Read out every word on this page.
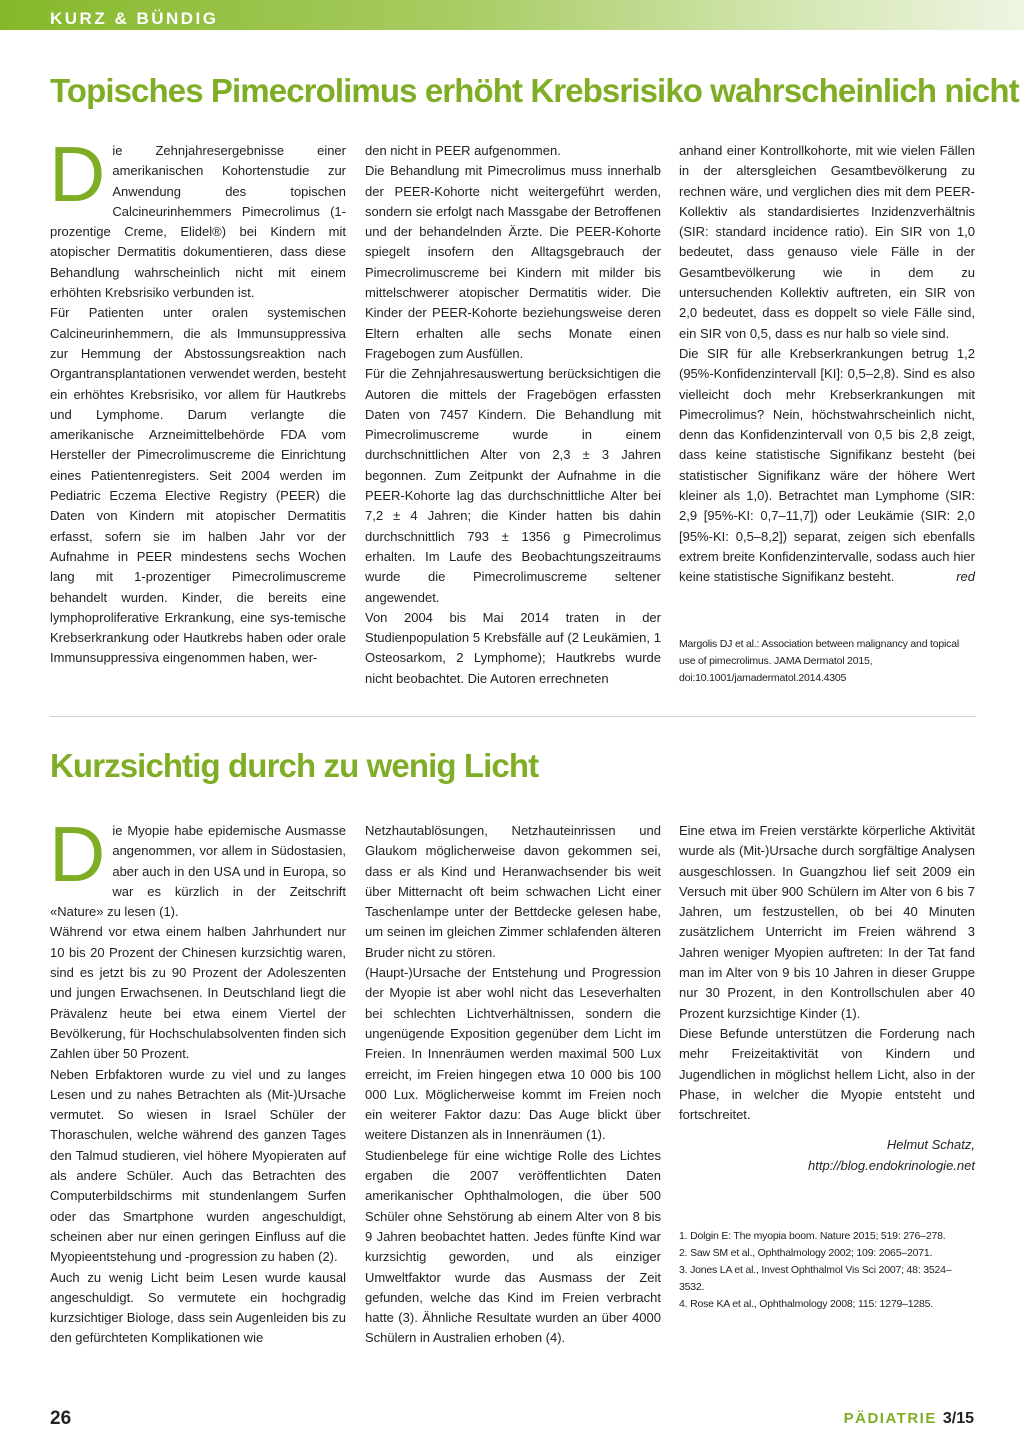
KURZ & BÜNDIG
Topisches Pimecrolimus erhöht Krebsrisiko wahrscheinlich nicht
D ie Zehnjahresergebnisse einer amerikanischen Kohortenstudie zur Anwendung des topischen Calcineurinhemmers Pimecrolimus (1-prozentige Creme, Elidel®) bei Kindern mit atopischer Dermatitis dokumentieren, dass diese Behandlung wahrscheinlich nicht mit einem erhöhten Krebsrisiko verbunden ist.

Für Patienten unter oralen systemischen Calcineurinhemmern, die als Immunsuppressiva zur Hemmung der Abstossungsreaktion nach Organtransplantationen verwendet werden, besteht ein erhöhtes Krebsrisiko, vor allem für Hautkrebs und Lymphome. Darum verlangte die amerikanische Arzneimittelbehörde FDA vom Hersteller der Pimecrolimuscreme die Einrichtung eines Patientenregisters. Seit 2004 werden im Pediatric Eczema Elective Registry (PEER) die Daten von Kindern mit atopischer Dermatitis erfasst, sofern sie im halben Jahr vor der Aufnahme in PEER mindestens sechs Wochen lang mit 1-prozentiger Pimecrolimuscreme behandelt wurden. Kinder, die bereits eine lymphoproliferative Erkrankung, eine sys-temische Krebserkrankung oder Hautkrebs haben oder orale Immunsuppressiva eingenommen haben, wer-

den nicht in PEER aufgenommen.

Die Behandlung mit Pimecrolimus muss innerhalb der PEER-Kohorte nicht weitergeführt werden, sondern sie erfolgt nach Massgabe der Betroffenen und der behandelnden Ärzte. Die PEER-Kohorte spiegelt insofern den Alltagsgebrauch der Pimecrolimuscreme bei Kindern mit milder bis mittelschwerer atopischer Dermatitis wider. Die Kinder der PEER-Kohorte beziehungsweise deren Eltern erhalten alle sechs Monate einen Fragebogen zum Ausfüllen.

Für die Zehnjahresauswertung berücksichtigen die Autoren die mittels der Fragebögen erfassten Daten von 7457 Kindern. Die Behandlung mit Pimecrolimuscreme wurde in einem durchschnittlichen Alter von 2,3 ± 3 Jahren begonnen. Zum Zeitpunkt der Aufnahme in die PEER-Kohorte lag das durchschnittliche Alter bei 7,2 ± 4 Jahren; die Kinder hatten bis dahin durchschnittlich 793 ± 1356 g Pimecrolimus erhalten. Im Laufe des Beobachtungszeitraums wurde die Pimecrolimuscreme seltener angewendet.

Von 2004 bis Mai 2014 traten in der Studienpopulation 5 Krebsfälle auf (2 Leukämien, 1 Osteosarkom, 2 Lymphome); Hautkrebs wurde nicht beobachtet. Die Autoren errechneten

anhand einer Kontrollkohorte, mit wie vielen Fällen in der altersgleichen Gesamtbevölkerung zu rechnen wäre, und verglichen dies mit dem PEER-Kollektiv als standardisiertes Inzidenzverhältnis (SIR: standard incidence ratio). Ein SIR von 1,0 bedeutet, dass genauso viele Fälle in der Gesamtbevölkerung wie in dem zu untersuchenden Kollektiv auftreten, ein SIR von 2,0 bedeutet, dass es doppelt so viele Fälle sind, ein SIR von 0,5, dass es nur halb so viele sind.

Die SIR für alle Krebserkrankungen betrug 1,2 (95%-Konfidenzintervall [KI]: 0,5–2,8). Sind es also vielleicht doch mehr Krebserkrankungen mit Pimecrolimus? Nein, höchstwahrscheinlich nicht, denn das Konfidenzintervall von 0,5 bis 2,8 zeigt, dass keine statistische Signifikanz besteht (bei statistischer Signifikanz wäre der höhere Wert kleiner als 1,0). Betrachtet man Lymphome (SIR: 2,9 [95%-KI: 0,7–11,7]) oder Leukämie (SIR: 2,0 [95%-KI: 0,5–8,2]) separat, zeigen sich ebenfalls extrem breite Konfidenzintervalle, sodass auch hier keine statistische Signifikanz besteht.	red

Margolis DJ et al.: Association between malignancy and topical use of pimecrolimus. JAMA Dermatol 2015, doi:10.1001/jamadermatol.2014.4305
Kurzsichtig durch zu wenig Licht
D ie Myopie habe epidemische Ausmasse angenommen, vor allem in Südostasien, aber auch in den USA und in Europa, so war es kürzlich in der Zeitschrift «Nature» zu lesen (1).

Während vor etwa einem halben Jahrhundert nur 10 bis 20 Prozent der Chinesen kurzsichtig waren, sind es jetzt bis zu 90 Prozent der Adoleszenten und jungen Erwachsenen. In Deutschland liegt die Prävalenz heute bei etwa einem Viertel der Bevölkerung, für Hochschulabsolventen finden sich Zahlen über 50 Prozent.

Neben Erbfaktoren wurde zu viel und zu langes Lesen und zu nahes Betrachten als (Mit-)Ursache vermutet. So wiesen in Israel Schüler der Thoraschulen, welche während des ganzen Tages den Talmud studieren, viel höhere Myopieraten auf als andere Schüler. Auch das Betrachten des Computerbildschirms mit stundenlangem Surfen oder das Smartphone wurden angeschuldigt, scheinen aber nur einen geringen Einfluss auf die Myopieentstehung und -progression zu haben (2).

Auch zu wenig Licht beim Lesen wurde kausal angeschuldigt. So vermutete ein hochgradig kurzsichtiger Biologe, dass sein Augenleiden bis zu den gefürchteten Komplikationen wie

Netzhautablösungen, Netzhauteinrissen und Glaukom möglicherweise davon gekommen sei, dass er als Kind und Heranwachsender bis weit über Mitternacht oft beim schwachen Licht einer Taschenlampe unter der Bettdecke gelesen habe, um seinen im gleichen Zimmer schlafenden älteren Bruder nicht zu stören.

(Haupt-)Ursache der Entstehung und Progression der Myopie ist aber wohl nicht das Leseverhalten bei schlechten Lichtverhältnissen, sondern die ungenügende Exposition gegenüber dem Licht im Freien. In Innenräumen werden maximal 500 Lux erreicht, im Freien hingegen etwa 10 000 bis 100 000 Lux. Möglicherweise kommt im Freien noch ein weiterer Faktor dazu: Das Auge blickt über weitere Distanzen als in Innenräumen (1).

Studienbelege für eine wichtige Rolle des Lichtes ergaben die 2007 veröffentlichten Daten amerikanischer Ophthalmologen, die über 500 Schüler ohne Sehstörung ab einem Alter von 8 bis 9 Jahren beobachtet hatten. Jedes fünfte Kind war kurzsichtig geworden, und als einziger Umweltfaktor wurde das Ausmass der Zeit gefunden, welche das Kind im Freien verbracht hatte (3). Ähnliche Resultate wurden an über 4000 Schülern in Australien erhoben (4).

Eine etwa im Freien verstärkte körperliche Aktivität wurde als (Mit-)Ursache durch sorgfältige Analysen ausgeschlossen. In Guangzhou lief seit 2009 ein Versuch mit über 900 Schülern im Alter von 6 bis 7 Jahren, um festzustellen, ob bei 40 Minuten zusätzlichem Unterricht im Freien während 3 Jahren weniger Myopien auftreten: In der Tat fand man im Alter von 9 bis 10 Jahren in dieser Gruppe nur 30 Prozent, in den Kontrollschulen aber 40 Prozent kurzsichtige Kinder (1).

Diese Befunde unterstützen die Forderung nach mehr Freizeitaktivität von Kindern und Jugendlichen in möglichst hellem Licht, also in der Phase, in welcher die Myopie entsteht und fortschreitet.

Helmut Schatz,

http://blog.endokrinologie.net

1. Dolgin E: The myopia boom. Nature 2015; 519: 276–278.
2. Saw SM et al., Ophthalmology 2002; 109: 2065–2071.
3. Jones LA et al., Invest Ophthalmol Vis Sci 2007; 48: 3524–3532.
4. Rose KA et al., Ophthalmology 2008; 115: 1279–1285.
26	PÄDIATRIE 3/15
